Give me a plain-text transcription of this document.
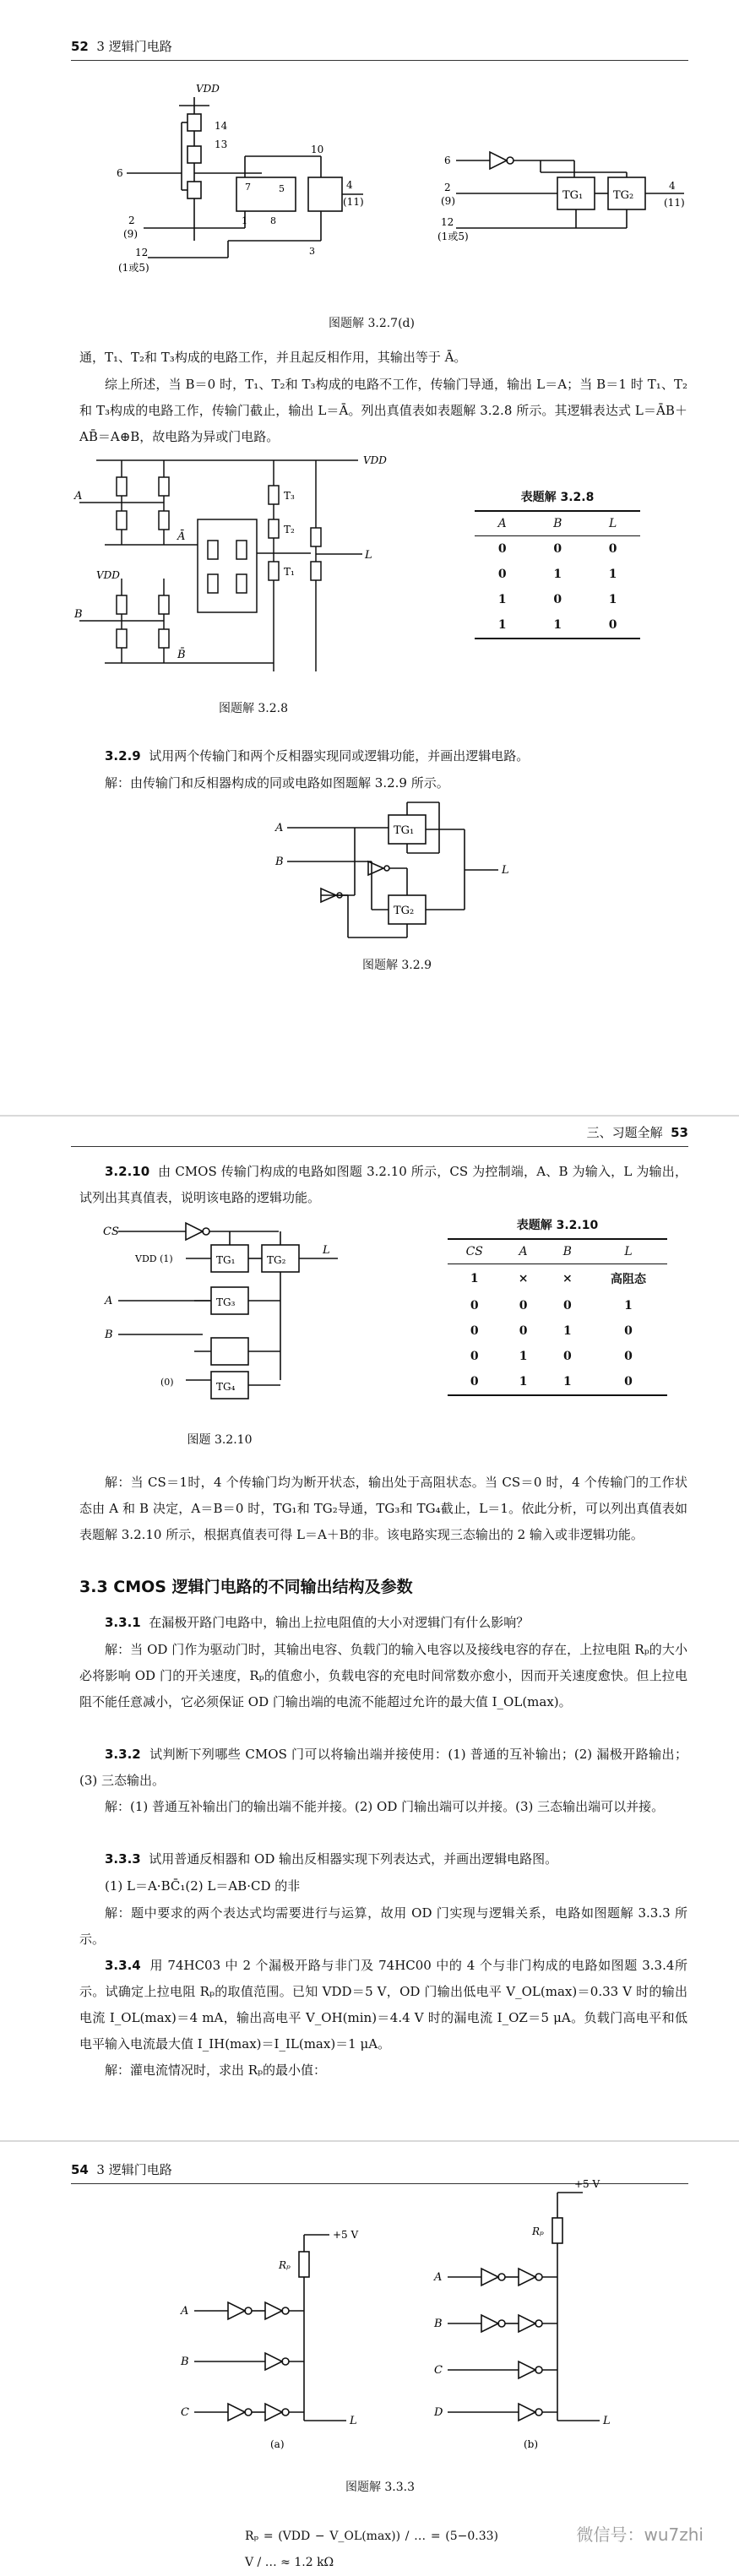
52 3 逻辑门电路
VDD
14
13
6
2
(9)
12
(1或5)
10
4
(11)
7	5
1 8
3
6
2
(9)
12
(1或5)
TG₁	TG₂
4
(11)
图题解 3.2.7(d)
通，T₁、T₂和 T₃构成的电路工作，并且起反相作用，其输出等于 Ā。
综上所述，当 B＝0 时，T₁、T₂和 T₃构成的电路不工作，传输门导通，输出 L＝A；当 B＝1 时 T₁、T₂和 T₃构成的电路工作，传输门截止，输出 L＝Ā。列出真值表如表题解 3.2.8 所示。其逻辑表达式 L＝ĀB＋AB̄＝A⊕B，故电路为异或门电路。
A
B
Ā
B̄
VDD
VDD
L
T₃
T₂
T₁
图题解 3.2.8
表题解 3.2.8
A	B	L
0	0	0
0	1	1
1	0	1
1	1	0
3.2.9 试用两个传输门和两个反相器实现同或逻辑功能，并画出逻辑电路。
解：由传输门和反相器构成的同或电路如图题解 3.2.9 所示。
A
B
L
TG₁
TG₂
图题解 3.2.9
三、习题全解 53
3.2.10 由 CMOS 传输门构成的电路如图题 3.2.10 所示，CS 为控制端，A、B 为输入，L 为输出，试列出其真值表，说明该电路的逻辑功能。
CS
A
B
L
VDD (1)
(0)
TG₁	TG₂
TG₃
TG₄
图题 3.2.10
表题解 3.2.10
CS	A	B	L
1	×	×	高阻态
0	0	0	1
0	0	1	0
0	1	0	0
0	1	1	0
解：当 CS＝1时，4 个传输门均为断开状态，输出处于高阻状态。当 CS＝0 时，4 个传输门的工作状态由 A 和 B 决定，A＝B＝0 时，TG₁和 TG₂导通，TG₃和 TG₄截止，L＝1。依此分析，可以列出真值表如表题解 3.2.10 所示，根据真值表可得 L＝A＋B的非。该电路实现三态输出的 2 输入或非逻辑功能。
3.3 CMOS 逻辑门电路的不同输出结构及参数
3.3.1 在漏极开路门电路中，输出上拉电阻值的大小对逻辑门有什么影响？
解：当 OD 门作为驱动门时，其输出电容、负载门的输入电容以及接线电容的存在，上拉电阻 Rₚ的大小必将影响 OD 门的开关速度，Rₚ的值愈小，负载电容的充电时间常数亦愈小，因而开关速度愈快。但上拉电阻不能任意减小，它必须保证 OD 门输出端的电流不能超过允许的最大值 I_OL(max)。
3.3.2 试判断下列哪些 CMOS 门可以将输出端并接使用：(1) 普通的互补输出；(2) 漏极开路输出；(3) 三态输出。
解：(1) 普通互补输出门的输出端不能并接。(2) OD 门输出端可以并接。(3) 三态输出端可以并接。
3.3.3 试用普通反相器和 OD 输出反相器实现下列表达式，并画出逻辑电路图。
(1) L＝A·BC̄₁(2) L＝AB·CD 的非
解：题中要求的两个表达式均需要进行与运算，故用 OD 门实现与逻辑关系，电路如图题解 3.3.3 所示。
3.3.4 用 74HC03 中 2 个漏极开路与非门及 74HC00 中的 4 个与非门构成的电路如图题 3.3.4所示。试确定上拉电阻 Rₚ的取值范围。已知 VDD＝5 V，OD 门输出低电平 V_OL(max)＝0.33 V 时的输出电流 I_OL(max)＝4 mA，输出高电平 V_OH(min)＝4.4 V 时的漏电流 I_OZ＝5 μA。负载门高电平和低电平输入电流最大值 I_IH(max)＝I_IL(max)＝1 μA。
解：灌电流情况时，求出 Rₚ的最小值：
54 3 逻辑门电路
+5 V
Rₚ
A
B
C
L
(a)
+5 V
Rₚ
A
B
C
D
L
(b)
图题解 3.3.3
Rₚ = (VDD − V_OL(max)) / … = (5−0.33) V / … ≈ 1.2 kΩ
微信号：wu7zhi
